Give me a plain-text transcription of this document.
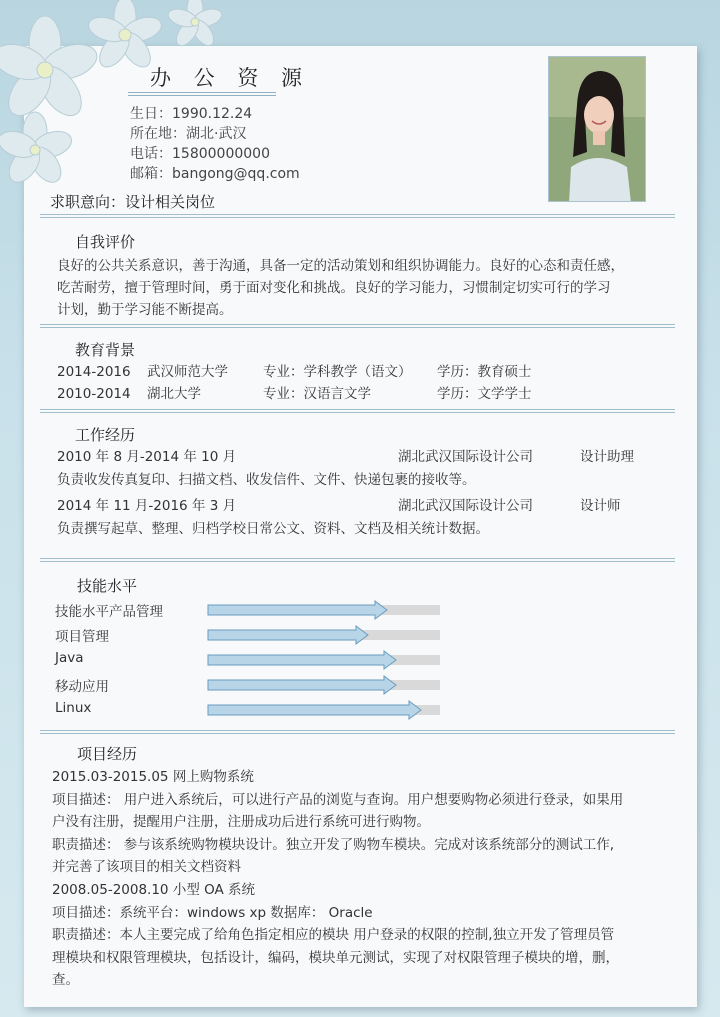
办 公 资 源
生日：1990.12.24
所在地：湖北·武汉
电话：15800000000
邮箱：bangong@qq.com
求职意向：设计相关岗位
自我评价
良好的公共关系意识，善于沟通，具备一定的活动策划和组织协调能力。良好的心态和责任感，
吃苦耐劳，擅于管理时间，勇于面对变化和挑战。良好的学习能力，习惯制定切实可行的学习
计划，勤于学习能不断提高。
教育背景
2014-2016 武汉师范大学	专业：学科教学（语文） 学历：教育硕士
2010-2014 湖北大学	专业：汉语言文学	学历：文学学士
工作经历
2010 年 8 月-2014 年 10 月	湖北武汉国际设计公司	设计助理
负责收发传真复印、扫描文档、收发信件、文件、快递包裹的接收等。
2014 年 11 月-2016 年 3 月	湖北武汉国际设计公司	设计师
负责撰写起草、整理、归档学校日常公文、资料、文档及相关统计数据。
技能水平
技能水平产品管理
项目管理
Java
移动应用
Linux
项目经历
2015.03-2015.05 网上购物系统
项目描述： 用户进入系统后，可以进行产品的浏览与查询。用户想要购物必须进行登录，如果用
户没有注册，提醒用户注册，注册成功后进行系统可进行购物。
职责描述： 参与该系统购物模块设计。独立开发了购物车模块。完成对该系统部分的测试工作,
并完善了该项目的相关文档资料
2008.05-2008.10 小型 OA 系统
项目描述：系统平台：windows xp 数据库： Oracle
职责描述：本人主要完成了给角色指定相应的模块 用户登录的权限的控制,独立开发了管理员管
理模块和权限管理模块，包括设计，编码，模块单元测试，实现了对权限管理子模块的增，删，
查。
